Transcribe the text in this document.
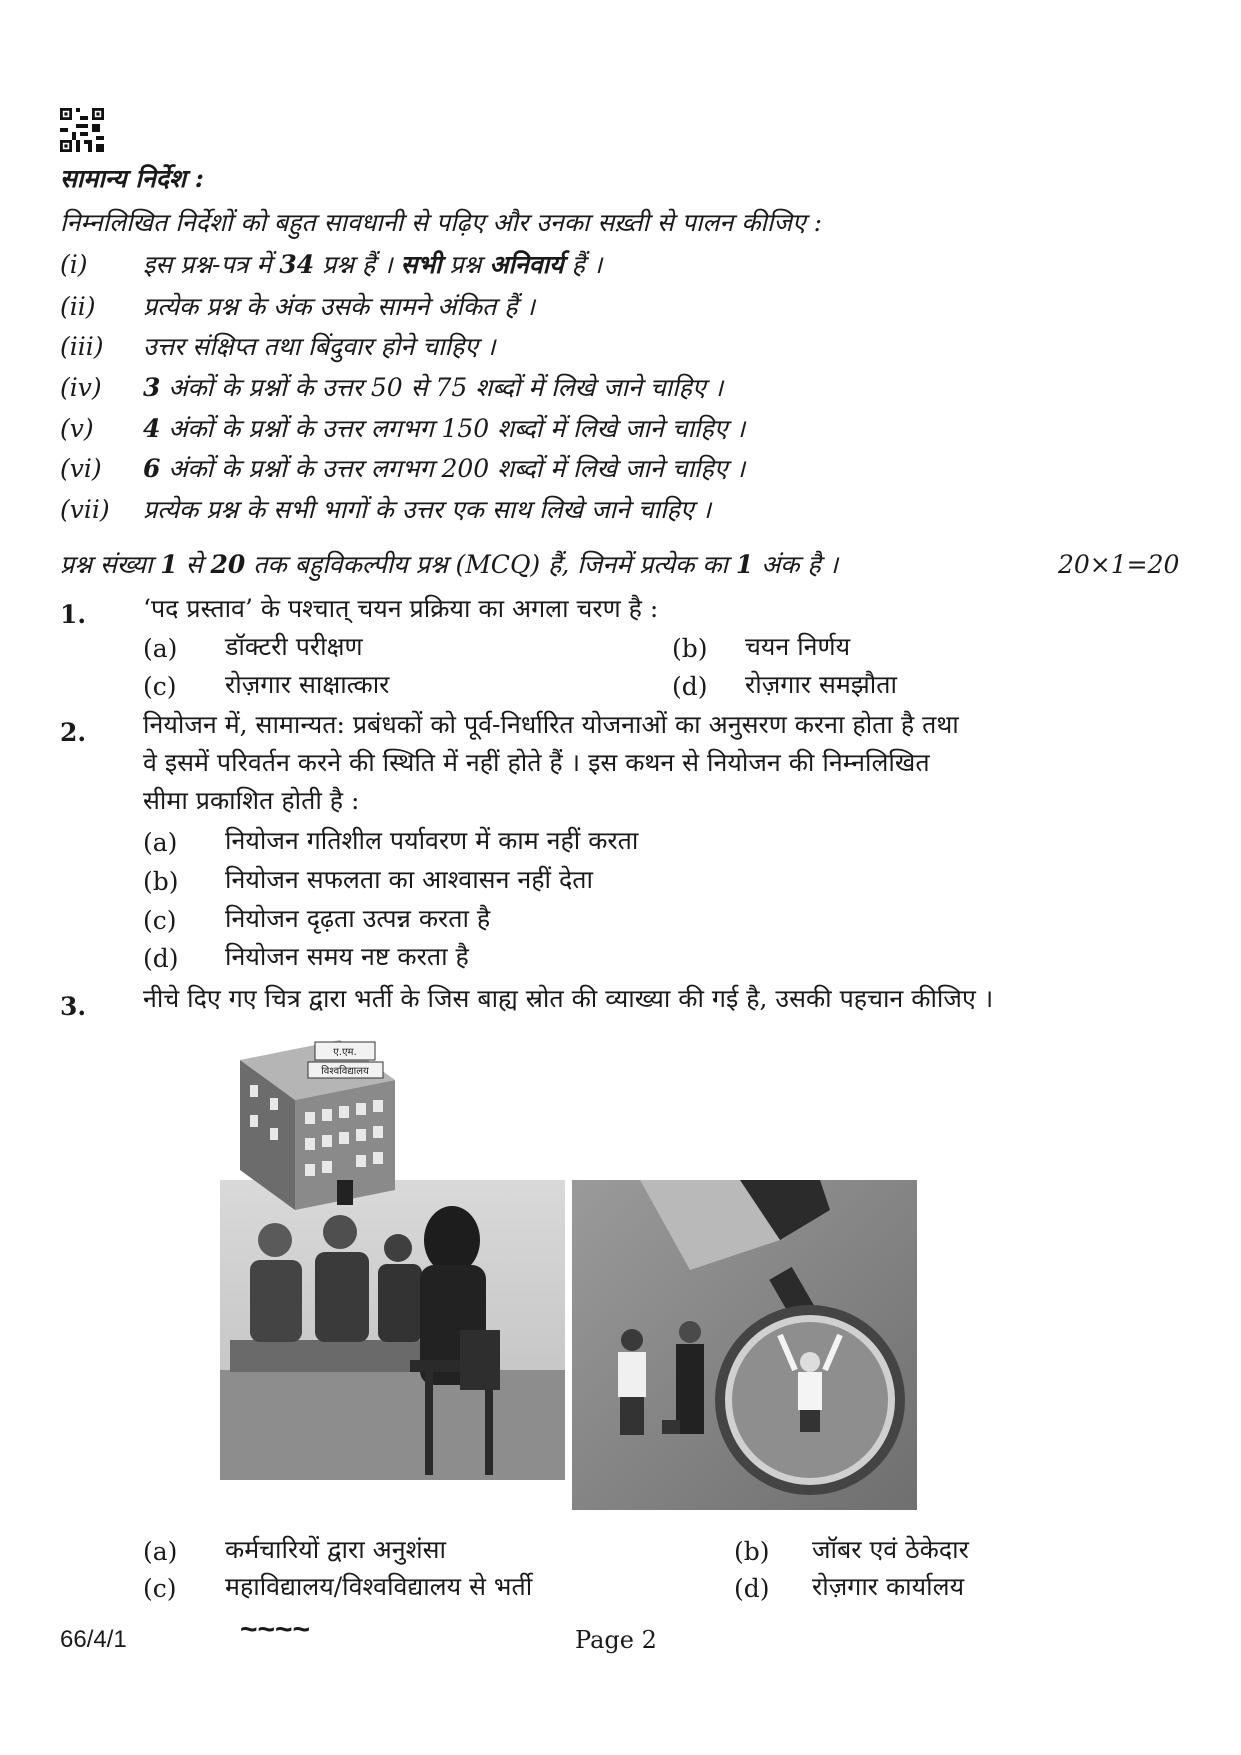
सामान्य निर्देश :
निम्नलिखित निर्देशों को बहुत सावधानी से पढ़िए और उनका सख़्ती से पालन कीजिए :
(i) इस प्रश्न-पत्र में 34 प्रश्न हैं । सभी प्रश्न अनिवार्य हैं ।
(ii) प्रत्येक प्रश्न के अंक उसके सामने अंकित हैं ।
(iii) उत्तर संक्षिप्त तथा बिंदुवार होने चाहिए ।
(iv) 3 अंकों के प्रश्नों के उत्तर 50 से 75 शब्दों में लिखे जाने चाहिए ।
(v) 4 अंकों के प्रश्नों के उत्तर लगभग 150 शब्दों में लिखे जाने चाहिए ।
(vi) 6 अंकों के प्रश्नों के उत्तर लगभग 200 शब्दों में लिखे जाने चाहिए ।
(vii) प्रत्येक प्रश्न के सभी भागों के उत्तर एक साथ लिखे जाने चाहिए ।
प्रश्न संख्या 1 से 20 तक बहुविकल्पीय प्रश्न (MCQ) हैं, जिनमें प्रत्येक का 1 अंक है ।	20×1=20
1. ‘पद प्रस्ताव’ के पश्चात् चयन प्रक्रिया का अगला चरण है :
(a) डॉक्टरी परीक्षण	(b) चयन निर्णय
(c) रोज़गार साक्षात्कार	(d) रोज़गार समझौता
2. नियोजन में, सामान्यत: प्रबंधकों को पूर्व-निर्धारित योजनाओं का अनुसरण करना होता है तथा
वे इसमें परिवर्तन करने की स्थिति में नहीं होते हैं । इस कथन से नियोजन की निम्नलिखित
सीमा प्रकाशित होती है :
(a) नियोजन गतिशील पर्यावरण में काम नहीं करता
(b) नियोजन सफलता का आश्वासन नहीं देता
(c) नियोजन दृढ़ता उत्पन्न करता है
(d) नियोजन समय नष्ट करता है
3. नीचे दिए गए चित्र द्वारा भर्ती के जिस बाह्य स्रोत की व्याख्या की गई है, उसकी पहचान कीजिए ।
ए.एम.
विश्वविद्यालय
(a) कर्मचारियों द्वारा अनुशंसा	(b) जॉबर एवं ठेकेदार
(c) महाविद्यालय/विश्वविद्यालय से भर्ती	(d) रोज़गार कार्यालय
66/4/1	~~~~	Page 2
